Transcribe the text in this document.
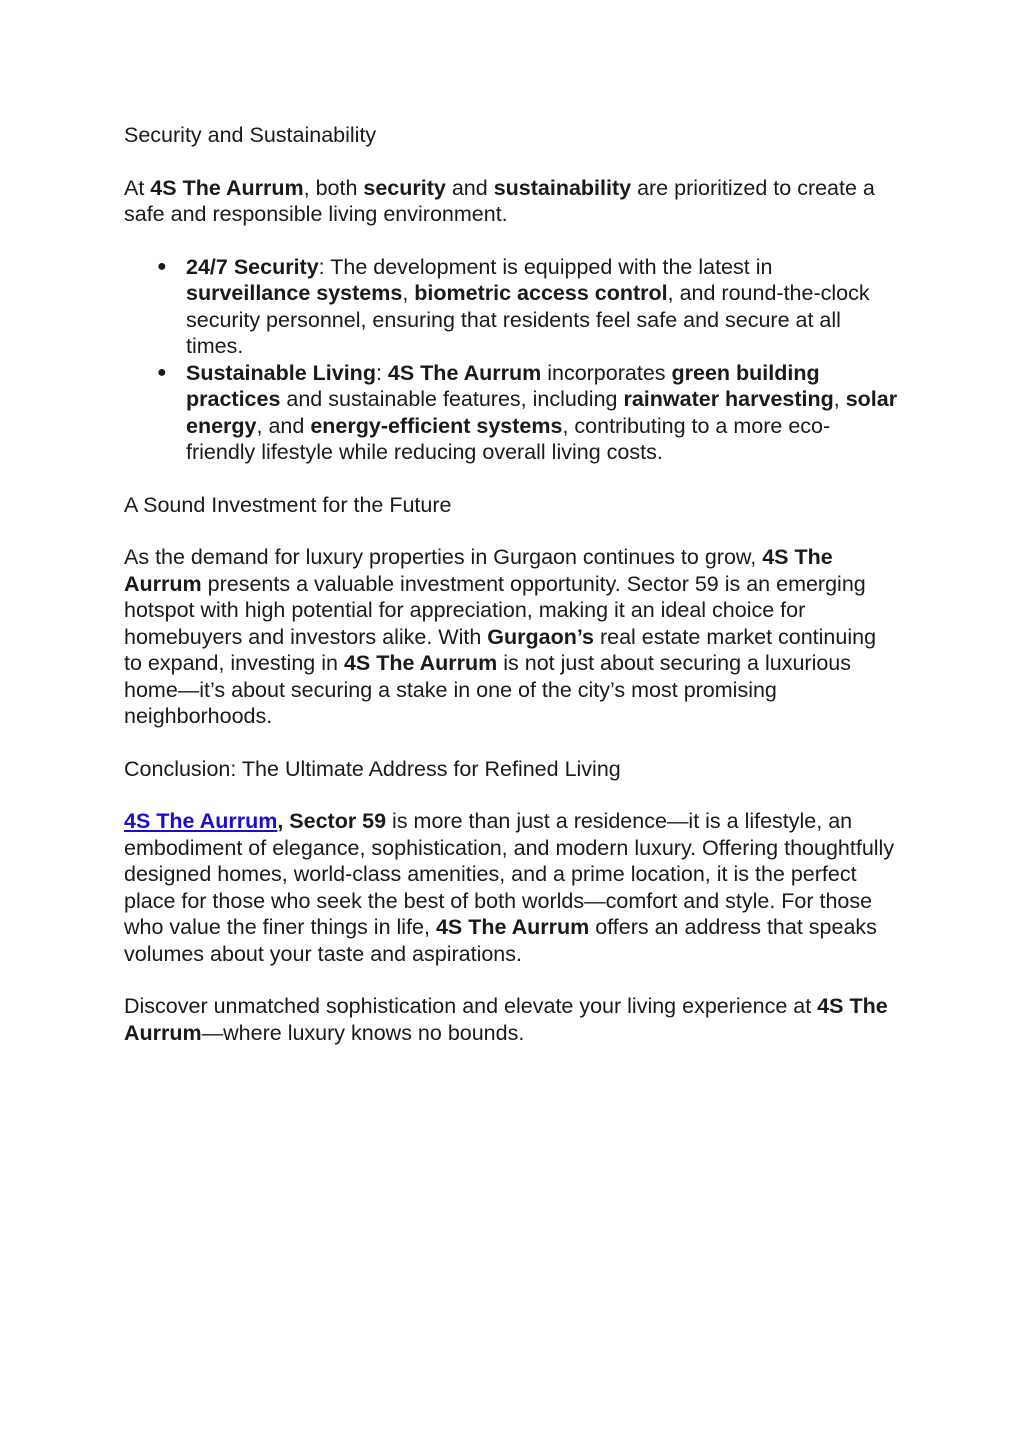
Security and Sustainability

At 4S The Aurrum, both security and sustainability are prioritized to create a safe and responsible living environment.

● 24/7 Security: The development is equipped with the latest in surveillance systems, biometric access control, and round-the-clock security personnel, ensuring that residents feel safe and secure at all times.
● Sustainable Living: 4S The Aurrum incorporates green building practices and sustainable features, including rainwater harvesting, solar energy, and energy-efficient systems, contributing to a more eco-friendly lifestyle while reducing overall living costs.
A Sound Investment for the Future

As the demand for luxury properties in Gurgaon continues to grow, 4S The Aurrum presents a valuable investment opportunity. Sector 59 is an emerging hotspot with high potential for appreciation, making it an ideal choice for homebuyers and investors alike. With Gurgaon’s real estate market continuing to expand, investing in 4S The Aurrum is not just about securing a luxurious home—it’s about securing a stake in one of the city’s most promising neighborhoods.

Conclusion: The Ultimate Address for Refined Living

4S The Aurrum, Sector 59 is more than just a residence—it is a lifestyle, an embodiment of elegance, sophistication, and modern luxury. Offering thoughtfully designed homes, world-class amenities, and a prime location, it is the perfect place for those who seek the best of both worlds—comfort and style. For those who value the finer things in life, 4S The Aurrum offers an address that speaks volumes about your taste and aspirations.

Discover unmatched sophistication and elevate your living experience at 4S The Aurrum—where luxury knows no bounds.
